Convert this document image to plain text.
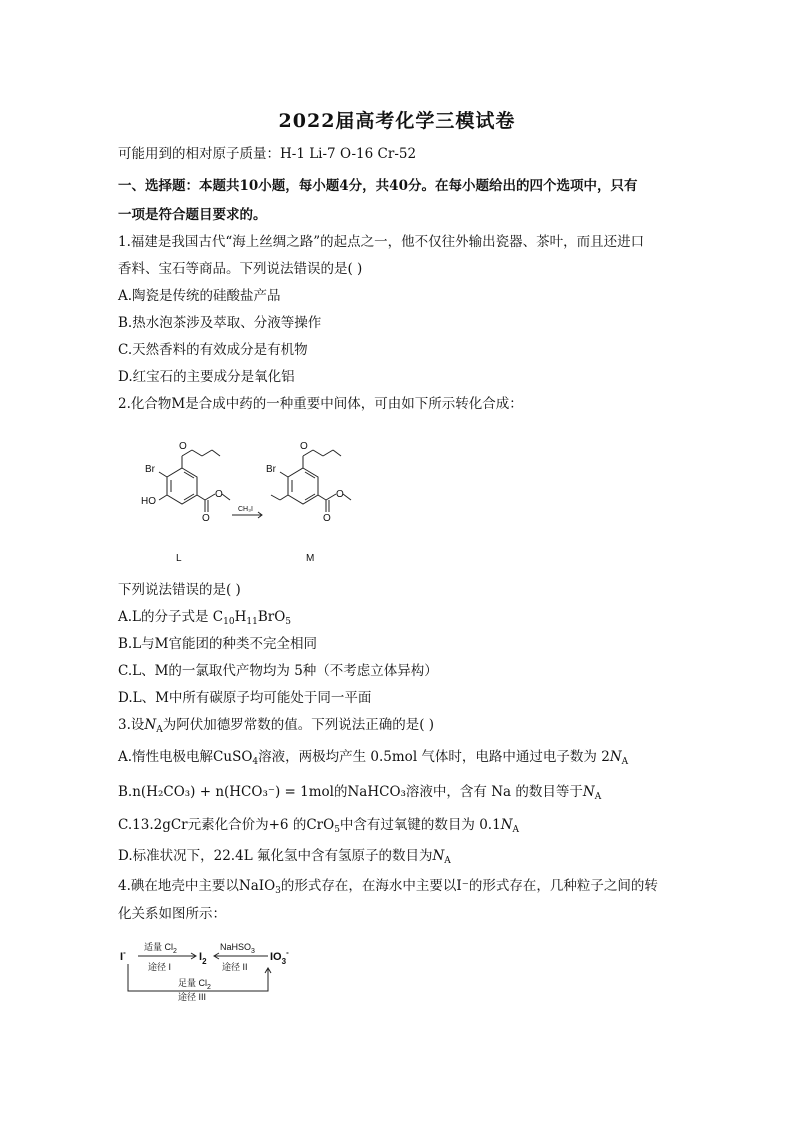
2022届高考化学三模试卷
可能用到的相对原子质量：H-1 Li-7 O-16 Cr-52
一、选择题：本题共10小题，每小题4分，共40分。在每小题给出的四个选项中，只有
一项是符合题目要求的。
1.福建是我国古代“海上丝绸之路”的起点之一，他不仅往外输出瓷器、茶叶，而且还进口
香料、宝石等商品。下列说法错误的是( )
A.陶瓷是传统的硅酸盐产品
B.热水泡茶涉及萃取、分液等操作
C.天然香料的有效成分是有机物
D.红宝石的主要成分是氧化铝
2.化合物M是合成中药的一种重要中间体，可由如下所示转化合成：
Br
HO
O
O
O
Br
O
O
O
L	M
CH₃I
下列说法错误的是( )
A.L的分子式是 $C_{10}H_{11}BrO_5$
B.L与M官能团的种类不完全相同
C.L、M的一氯取代产物均为 5种（不考虑立体异构）
D.L、M中所有碳原子均可能处于同一平面
3.设$N_A$为阿伏加德罗常数的值。下列说法正确的是( )
A.惰性电极电解CuSO$_4$溶液，两极均产生 0.5mol 气体时，电路中通过电子数为 $2N_A$
B.n(H₂CO₃) + n(HCO₃⁻) = 1mol的NaHCO₃溶液中，含有 Na 的数目等于$N_A$
C.13.2gCr元素化合价为+6 的CrO$_5$中含有过氧键的数目为 $0.1N_A$
D.标准状况下，22.4L 氟化氢中含有氢原子的数目为$N_A$
4.碘在地壳中主要以NaIO$_3$的形式存在，在海水中主要以I⁻的形式存在，几种粒子之间的转
化关系如图所示：
I-	$I_2$	$IO_3^-$
适量 $Cl_2$
途径 I
NaHSO$_3$
途径 II
足量 $Cl_2$
途径 III
